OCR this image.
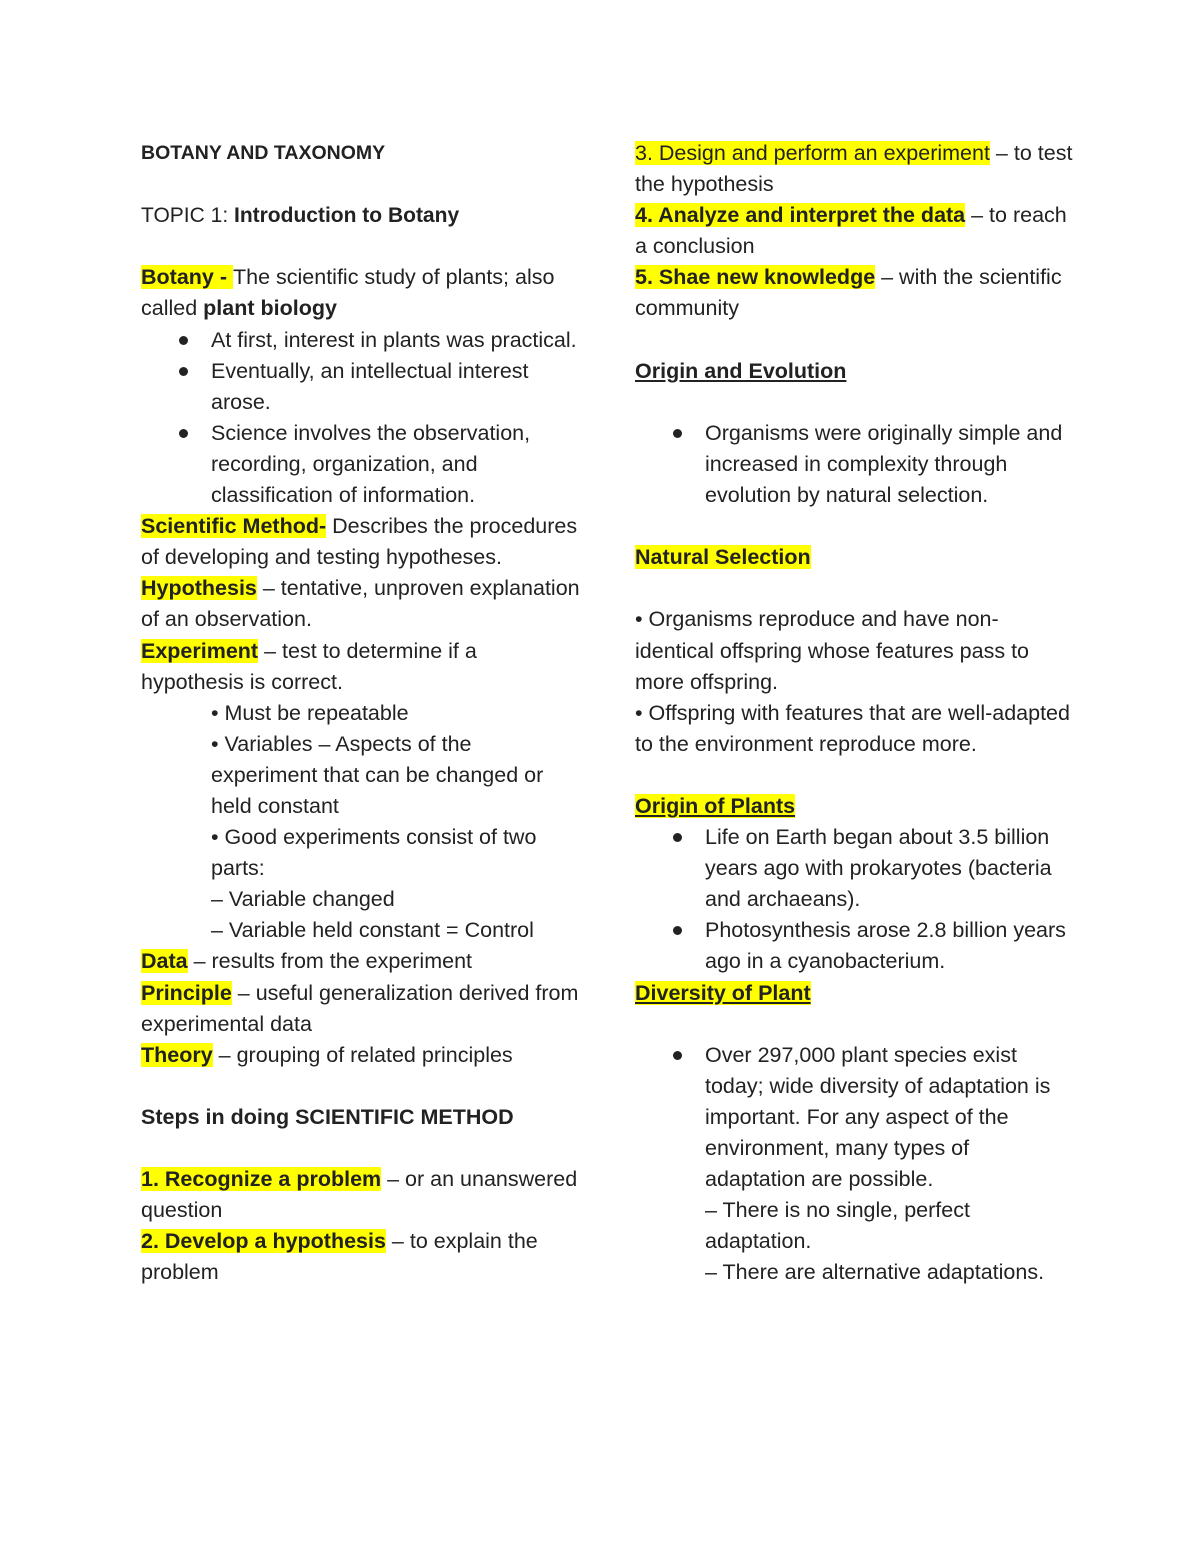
BOTANY AND TAXONOMY

TOPIC 1: Introduction to Botany

Botany - The scientific study of plants; also called plant biology

At first, interest in plants was practical.
Eventually, an intellectual interest arose.
Science involves the observation, recording, organization, and classification of information.

Scientific Method- Describes the procedures of developing and testing hypotheses.

Hypothesis – tentative, unproven explanation of an observation.

Experiment – test to determine if a hypothesis is correct.

• Must be repeatable

• Variables – Aspects of the experiment that can be changed or held constant

• Good experiments consist of two parts:

– Variable changed

– Variable held constant = Control

Data – results from the experiment

Principle – useful generalization derived from experimental data

Theory – grouping of related principles

Steps in doing SCIENTIFIC METHOD

1. Recognize a problem – or an unanswered question

2. Develop a hypothesis – to explain the problem

3. Design and perform an experiment – to test the hypothesis

4. Analyze and interpret the data – to reach a conclusion

5. Shae new knowledge – with the scientific community

Origin and Evolution

Organisms were originally simple and increased in complexity through evolution by natural selection.

Natural Selection

• Organisms reproduce and have non-identical offspring whose features pass to more offspring.

• Offspring with features that are well-adapted to the environment reproduce more.

Origin of Plants

Life on Earth began about 3.5 billion years ago with prokaryotes (bacteria and archaeans).
Photosynthesis arose 2.8 billion years ago in a cyanobacterium.

Diversity of Plant

Over 297,000 plant species exist today; wide diversity of adaptation is important. For any aspect of the environment, many types of adaptation are possible.

– There is no single, perfect adaptation.

– There are alternative adaptations.
